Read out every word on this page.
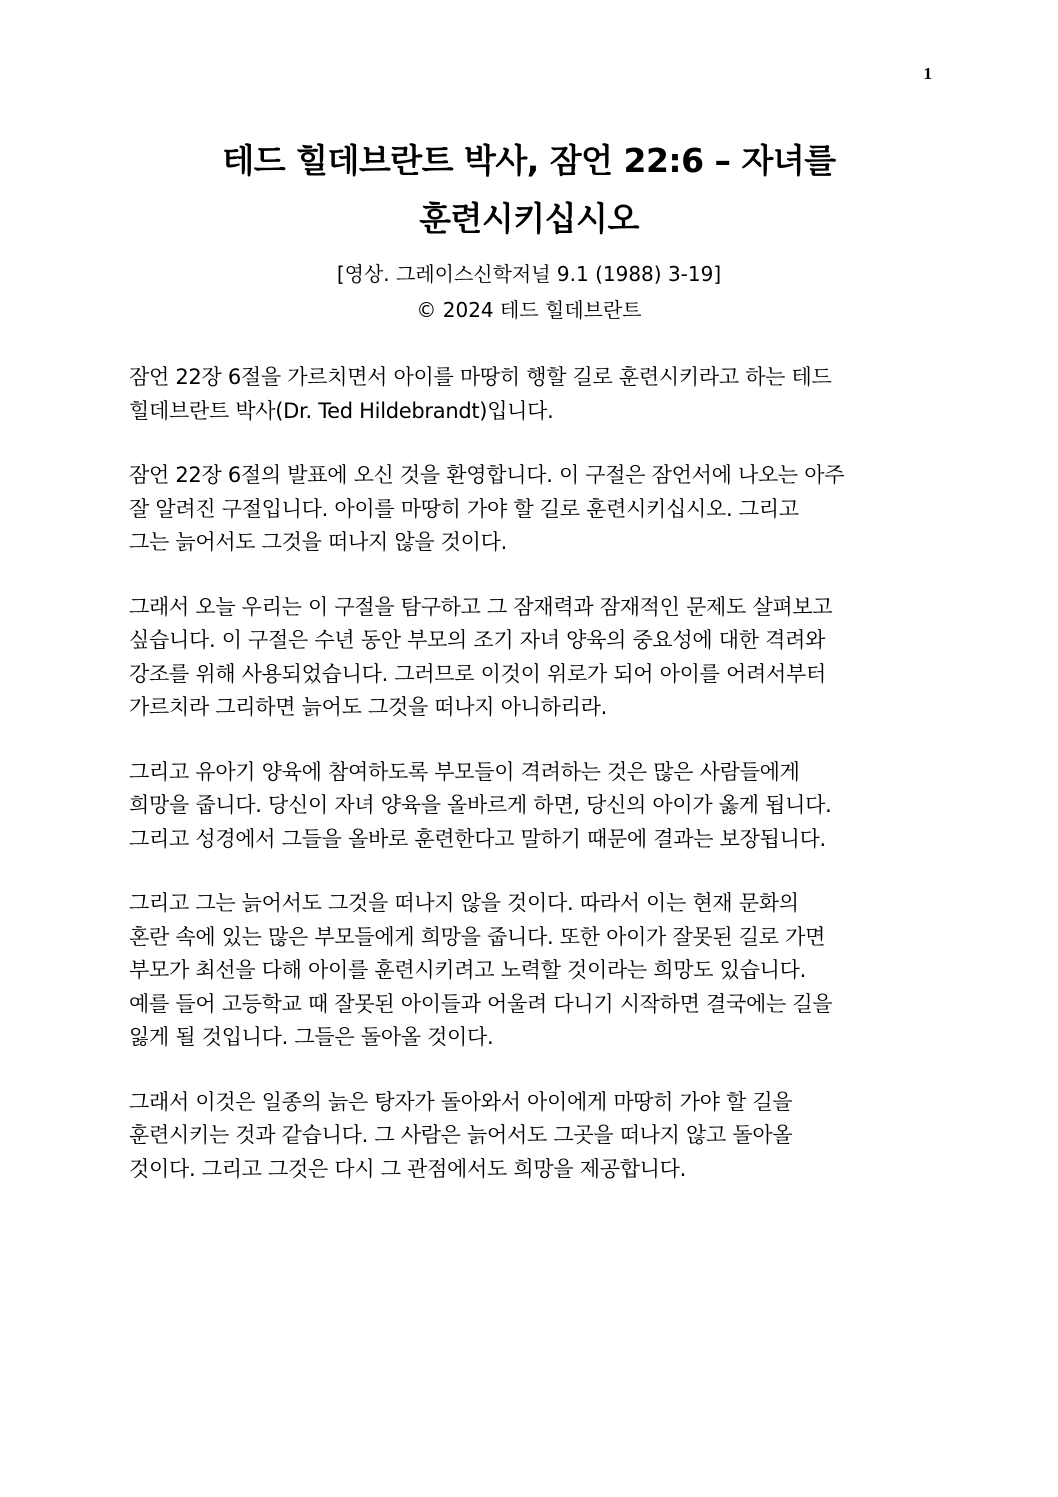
1
테드 힐데브란트 박사, 잠언 22:6 – 자녀를
훈련시키십시오
[영상. 그레이스신학저널 9.1 (1988) 3-19]
© 2024 테드 힐데브란트
잠언 22장 6절을 가르치면서 아이를 마땅히 행할 길로 훈련시키라고 하는 테드
힐데브란트 박사(Dr. Ted Hildebrandt)입니다.
잠언 22장 6절의 발표에 오신 것을 환영합니다. 이 구절은 잠언서에 나오는 아주
잘 알려진 구절입니다. 아이를 마땅히 가야 할 길로 훈련시키십시오. 그리고
그는 늙어서도 그것을 떠나지 않을 것이다.
그래서 오늘 우리는 이 구절을 탐구하고 그 잠재력과 잠재적인 문제도 살펴보고
싶습니다. 이 구절은 수년 동안 부모의 조기 자녀 양육의 중요성에 대한 격려와
강조를 위해 사용되었습니다. 그러므로 이것이 위로가 되어 아이를 어려서부터
가르치라 그리하면 늙어도 그것을 떠나지 아니하리라.
그리고 유아기 양육에 참여하도록 부모들이 격려하는 것은 많은 사람들에게
희망을 줍니다. 당신이 자녀 양육을 올바르게 하면, 당신의 아이가 옳게 됩니다.
그리고 성경에서 그들을 올바로 훈련한다고 말하기 때문에 결과는 보장됩니다.
그리고 그는 늙어서도 그것을 떠나지 않을 것이다. 따라서 이는 현재 문화의
혼란 속에 있는 많은 부모들에게 희망을 줍니다. 또한 아이가 잘못된 길로 가면
부모가 최선을 다해 아이를 훈련시키려고 노력할 것이라는 희망도 있습니다.
예를 들어 고등학교 때 잘못된 아이들과 어울려 다니기 시작하면 결국에는 길을
잃게 될 것입니다. 그들은 돌아올 것이다.
그래서 이것은 일종의 늙은 탕자가 돌아와서 아이에게 마땅히 가야 할 길을
훈련시키는 것과 같습니다. 그 사람은 늙어서도 그곳을 떠나지 않고 돌아올
것이다. 그리고 그것은 다시 그 관점에서도 희망을 제공합니다.
